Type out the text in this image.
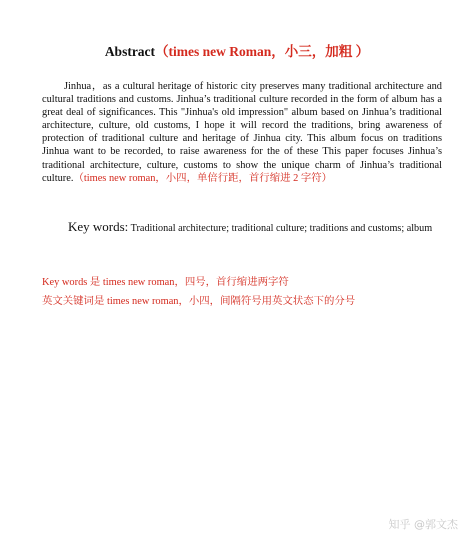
Abstract（times new Roman，小三，加粗 ）

Jinhua，as a cultural heritage of historic city preserves many traditional architecture and cultural traditions and customs. Jinhua’s traditional culture recorded in the form of album has a great deal of significances. This "Jinhua's old impression" album based on Jinhua’s traditional architecture, culture, old customs, I hope it will record the traditions, bring awareness of protection of traditional culture and heritage of Jinhua city. This album focus on traditions Jinhua want to be recorded, to raise awareness for the of these This paper focuses Jinhua’s traditional architecture, culture, customs to show the unique charm of Jinhua’s traditional culture.（times new roman，小四，单倍行距，首行缩进 2 字符）

Key words: Traditional architecture; traditional culture; traditions and customs; album

Key words 是 times new roman，四号，首行缩进两字符
英文关键词是 times new roman，小四，间隔符号用英文状态下的分号
知乎 @郭文杰
